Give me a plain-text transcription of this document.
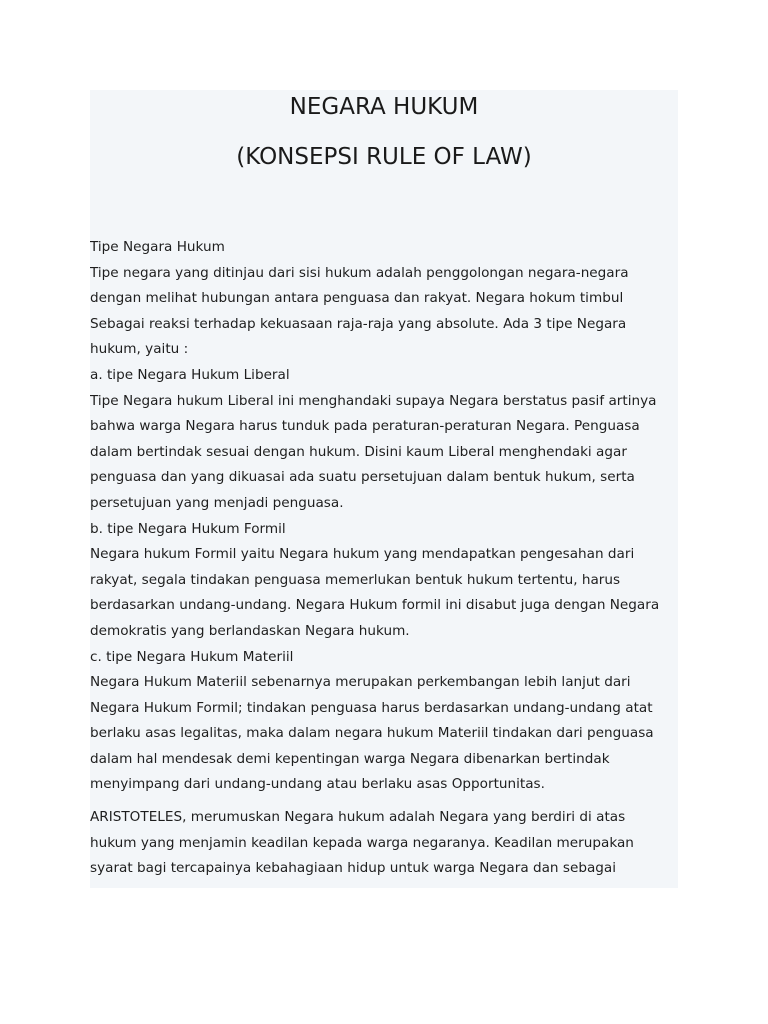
NEGARA HUKUM
(KONSEPSI RULE OF LAW)

Tipe Negara Hukum
Tipe negara yang ditinjau dari sisi hukum adalah penggolongan negara-negara
dengan melihat hubungan antara penguasa dan rakyat. Negara hokum timbul
Sebagai reaksi terhadap kekuasaan raja-raja yang absolute. Ada 3 tipe Negara
hukum, yaitu :
a. tipe Negara Hukum Liberal
Tipe Negara hukum Liberal ini menghandaki supaya Negara berstatus pasif artinya
bahwa warga Negara harus tunduk pada peraturan-peraturan Negara. Penguasa
dalam bertindak sesuai dengan hukum. Disini kaum Liberal menghendaki agar
penguasa dan yang dikuasai ada suatu persetujuan dalam bentuk hukum, serta
persetujuan yang menjadi penguasa.
b. tipe Negara Hukum Formil
Negara hukum Formil yaitu Negara hukum yang mendapatkan pengesahan dari
rakyat, segala tindakan penguasa memerlukan bentuk hukum tertentu, harus
berdasarkan undang-undang. Negara Hukum formil ini disabut juga dengan Negara
demokratis yang berlandaskan Negara hukum.
c. tipe Negara Hukum Materiil
Negara Hukum Materiil sebenarnya merupakan perkembangan lebih lanjut dari
Negara Hukum Formil; tindakan penguasa harus berdasarkan undang-undang atat
berlaku asas legalitas, maka dalam negara hukum Materiil tindakan dari penguasa
dalam hal mendesak demi kepentingan warga Negara dibenarkan bertindak
menyimpang dari undang-undang atau berlaku asas Opportunitas.

ARISTOTELES, merumuskan Negara hukum adalah Negara yang berdiri di atas
hukum yang menjamin keadilan kepada warga negaranya. Keadilan merupakan
syarat bagi tercapainya kebahagiaan hidup untuk warga Negara dan sebagai
